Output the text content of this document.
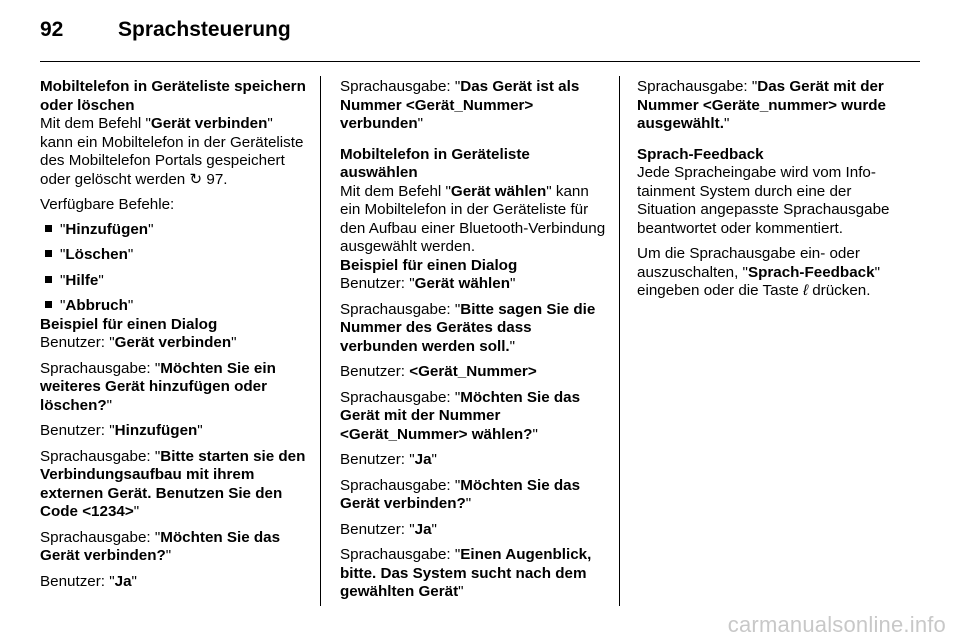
92	Sprachsteuerung
Mobiltelefon in Geräteliste speichern oder löschen

Mit dem Befehl "Gerät verbinden" kann ein Mobiltelefon in der Geräteliste des Mobiltelefon Portals gespeichert oder gelöscht werden ↻ 97.

Verfügbare Befehle:

"Hinzufügen"
"Löschen"
"Hilfe"
"Abbruch"
Beispiel für einen Dialog

Benutzer: "Gerät verbinden"

Sprachausgabe: "Möchten Sie ein weiteres Gerät hinzufügen oder löschen?"

Benutzer: "Hinzufügen"

Sprachausgabe: "Bitte starten sie den Verbindungsaufbau mit ihrem externen Gerät. Benutzen Sie den Code <1234>"

Sprachausgabe: "Möchten Sie das Gerät verbinden?"

Benutzer: "Ja"

Sprachausgabe: "Das Gerät ist als Nummer <Gerät_Nummer> verbunden"

Mobiltelefon in Geräteliste auswählen

Mit dem Befehl "Gerät wählen" kann ein Mobiltelefon in der Geräteliste für den Aufbau einer Bluetooth-Verbindung ausgewählt werden.

Beispiel für einen Dialog

Benutzer: "Gerät wählen"

Sprachausgabe: "Bitte sagen Sie die Nummer des Gerätes dass verbunden werden soll."

Benutzer: <Gerät_Nummer>

Sprachausgabe: "Möchten Sie das Gerät mit der Nummer <Gerät_Nummer> wählen?"

Benutzer: "Ja"

Sprachausgabe: "Möchten Sie das Gerät verbinden?"

Benutzer: "Ja"

Sprachausgabe: "Einen Augenblick, bitte. Das System sucht nach dem gewählten Gerät"

Sprachausgabe: "Das Gerät mit der Nummer <Geräte_nummer> wurde ausgewählt."

Sprach-Feedback

Jede Spracheingabe wird vom Info-tainment System durch eine der Situation angepasste Sprachausgabe beantwortet oder kommentiert.

Um die Sprachausgabe ein- oder auszuschalten, "Sprach-Feedback" eingeben oder die Taste ℓ drücken.

carmanualsonline.info
